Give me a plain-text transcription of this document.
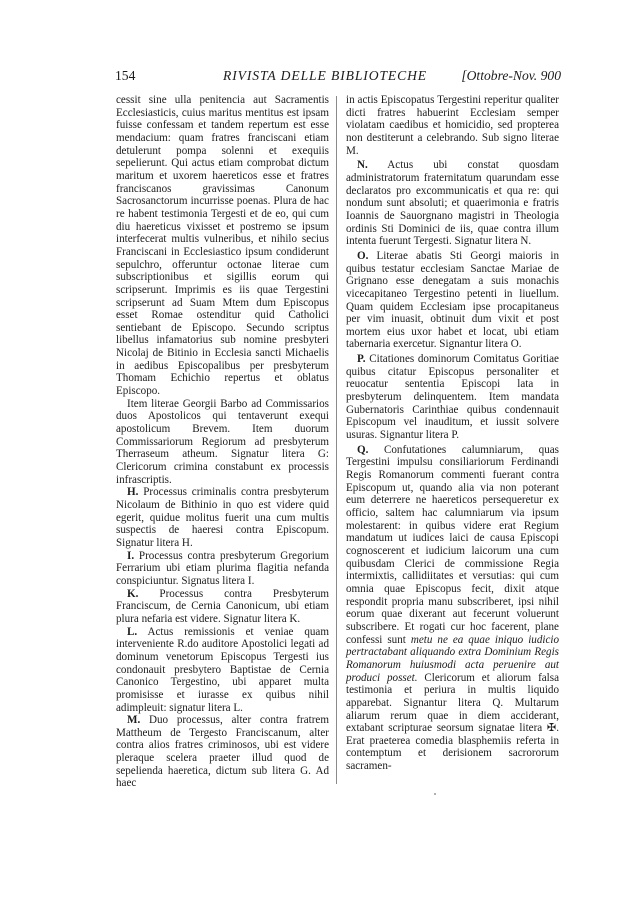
154	RIVISTA DELLE BIBLIOTECHE	[Ottobre-Nov. 900

cessit sine ulla penitencia aut Sacramentis Ecclesiasticis, cuius maritus mentitus est ipsam fuisse confessam et tandem repertum est esse mendacium: quam fratres franciscani etiam detulerunt pompa solenni et exequiis sepelierunt. Qui actus etiam comprobat dictum maritum et uxorem haereticos esse et fratres franciscanos gravissimas Canonum Sacrosanctorum incurrisse poenas. Plura de hac re habent testimonia Tergesti et de eo, qui cum diu haereticus vixisset et postremo se ipsum interfecerat multis vulneribus, et nihilo secius Franciscani in Ecclesiastico ipsum condiderunt sepulchro, offeruntur octonae literae cum subscriptionibus et sigillis eorum qui scripserunt. Imprimis es iis quae Tergestini scripserunt ad Suam Mtem dum Episcopus esset Romae ostenditur quid Catholici sentiebant de Episcopo. Secundo scriptus libellus infamatorius sub nomine presbyteri Nicolaj de Bitinio in Ecclesia sancti Michaelis in aedibus Episcopalibus per presbyterum Thomam Echichio repertus et oblatus Episcopo.

Item literae Georgii Barbo ad Commissarios duos Apostolicos qui tentaverunt exequi apostolicum Brevem. Item duorum Commissariorum Regiorum ad presbyterum Therraseum atheum. Signatur litera G: Clericorum crimina constabunt ex processis infrascriptis.

H. Processus criminalis contra presbyterum Nicolaum de Bithinio in quo est videre quid egerit, quidue molitus fuerit una cum multis suspectis de haeresi contra Episcopum. Signatur litera H.

I. Processus contra presbyterum Gregorium Ferrarium ubi etiam plurima flagitia nefanda conspiciuntur. Signatus litera I.

K. Processus contra Presbyterum Franciscum, de Cernia Canonicum, ubi etiam plura nefaria est videre. Signatur litera K.

L. Actus remissionis et veniae quam interveniente R.do auditore Apostolici legati ad dominum venetorum Episcopus Tergesti ius condonauit presbytero Baptistae de Cernia Canonico Tergestino, ubi apparet multa promisisse et iurasse ex quibus nihil adimpleuit: signatur litera L.

M. Duo processus, alter contra fratrem Mattheum de Tergesto Franciscanum, alter contra alios fratres criminosos, ubi est videre pleraque scelera praeter illud quod de sepelienda haeretica, dictum sub litera G. Ad haec

in actis Episcopatus Tergestini reperitur qualiter dicti fratres habuerint Ecclesiam semper violatam caedibus et homicidio, sed propterea non destiterunt a celebrando. Sub signo literae M.

N. Actus ubi constat quosdam administratorum fraternitatum quarundam esse declaratos pro excommunicatis et qua re: qui nondum sunt absoluti; et quaerimonia e fratris Ioannis de Sauorgnano magistri in Theologia ordinis Sti Dominici de iis, quae contra illum intenta fuerunt Tergesti. Signatur litera N.

O. Literae abatis Sti Georgi maioris in quibus testatur ecclesiam Sanctae Mariae de Grignano esse denegatam a suis monachis vicecapitaneo Tergestino petenti in liuellum. Quam quidem Ecclesiam ipse procapitaneus per vim inuasit, obtinuit dum vixit et post mortem eius uxor habet et locat, ubi etiam tabernaria exercetur. Signantur litera O.

P. Citationes dominorum Comitatus Goritiae quibus citatur Episcopus personaliter et reuocatur sententia Episcopi lata in presbyterum delinquentem. Item mandata Gubernatoris Carinthiae quibus condennauit Episcopum vel inauditum, et iussit solvere usuras. Signantur litera P.

Q. Confutationes calumniarum, quas Tergestini impulsu consiliariorum Ferdinandi Regis Romanorum commenti fuerant contra Episcopum ut, quando alia via non poterant eum deterrere ne haereticos persequeretur ex officio, saltem hac calumniarum via ipsum molestarent: in quibus videre erat Regium mandatum ut iudices laici de causa Episcopi cognoscerent et iudicium laicorum una cum quibusdam Clerici de commissione Regia intermixtis, callidiitates et versutias: qui cum omnia quae Episcopus fecit, dixit atque respondit propria manu subscriberet, ipsi nihil eorum quae dixerant aut fecerunt voluerunt subscribere. Et rogati cur hoc facerent, plane confessi sunt metu ne ea quae iniquo iudicio pertractabant aliquando extra Dominium Regis Romanorum huiusmodi acta peruenire aut produci posset. Clericorum et aliorum falsa testimonia et periura in multis liquido apparebat. Signantur litera Q. Multarum aliarum rerum quae in diem acciderant, extabant scripturae seorsum signatae litera ✠. Erat praeterea comedia blasphemiis referta in contemptum et derisionem sacrororum sacramen-
